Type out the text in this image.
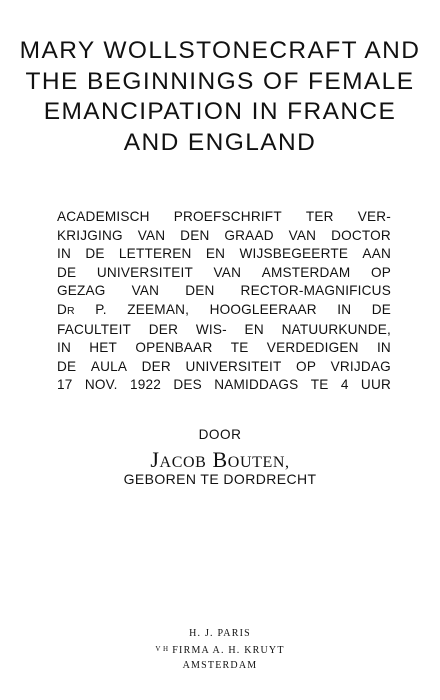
MARY WOLLSTONECRAFT AND
THE BEGINNINGS OF FEMALE
EMANCIPATION IN FRANCE
AND ENGLAND
ACADEMISCH PROEFSCHRIFT TER VER-
KRIJGING VAN DEN GRAAD VAN DOCTOR
IN DE LETTEREN EN WIJSBEGEERTE AAN
DE UNIVERSITEIT VAN AMSTERDAM OP
GEZAG VAN DEN RECTOR-MAGNIFICUS
DR P. ZEEMAN, HOOGLEERAAR IN DE
FACULTEIT DER WIS- EN NATUURKUNDE,
IN HET OPENBAAR TE VERDEDIGEN IN
DE AULA DER UNIVERSITEIT OP VRIJDAG
17 NOV. 1922 DES NAMIDDAGS TE 4 UUR
DOOR
JACOB BOUTEN,
GEBOREN TE DORDRECHT
H. J. PARIS
$^{V H}$ FIRMA A. H. KRUYT
AMSTERDAM
